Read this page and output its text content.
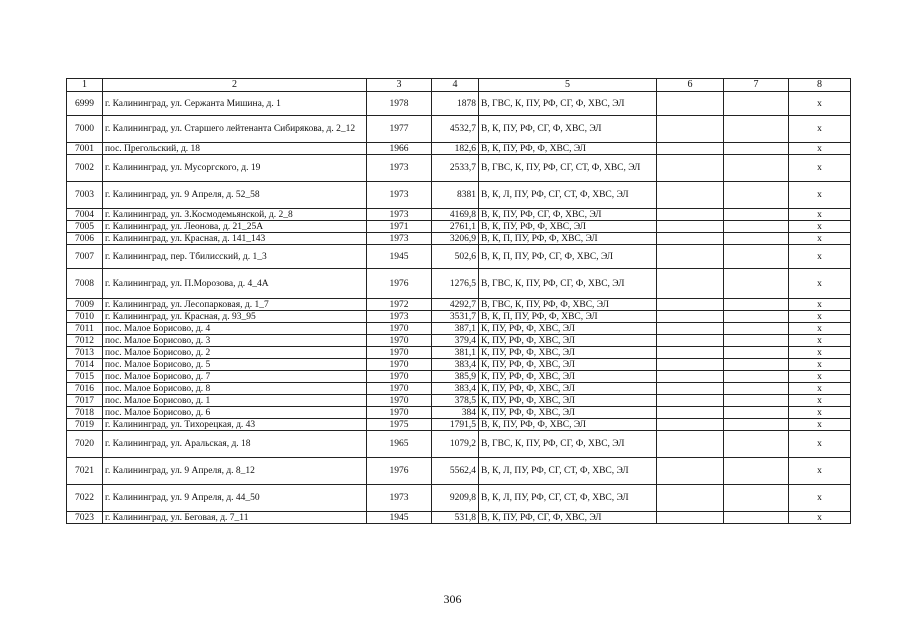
1	2	3	4	5	6	7	8
6999	г. Калининград, ул. Сержанта Мишина, д. 1	1978	1878	В, ГВС, К, ПУ, РФ, СГ, Ф, ХВС, ЭЛ			х
7000	г. Калининград, ул. Старшего лейтенанта Сибирякова, д. 2_12	1977	4532,7	В, К, ПУ, РФ, СГ, Ф, ХВС, ЭЛ			х
7001	пос. Прегольский, д. 18	1966	182,6	В, К, ПУ, РФ, Ф, ХВС, ЭЛ			х
7002	г. Калининград, ул. Мусоргского, д. 19	1973	2533,7	В, ГВС, К, ПУ, РФ, СГ, СТ, Ф, ХВС, ЭЛ			х
7003	г. Калининград, ул. 9 Апреля, д. 52_58	1973	8381	В, К, Л, ПУ, РФ, СГ, СТ, Ф, ХВС, ЭЛ			х
7004	г. Калининград, ул. З.Космодемьянской, д. 2_8	1973	4169,8	В, К, ПУ, РФ, СГ, Ф, ХВС, ЭЛ			х
7005	г. Калининград, ул. Леонова, д. 21_25А	1971	2761,1	В, К, ПУ, РФ, Ф, ХВС, ЭЛ			х
7006	г. Калининград, ул. Красная, д. 141_143	1973	3206,9	В, К, П, ПУ, РФ, Ф, ХВС, ЭЛ			х
7007	г. Калининград, пер. Тбилисский, д. 1_3	1945	502,6	В, К, П, ПУ, РФ, СГ, Ф, ХВС, ЭЛ			х
7008	г. Калининград, ул. П.Морозова, д. 4_4А	1976	1276,5	В, ГВС, К, ПУ, РФ, СГ, Ф, ХВС, ЭЛ			х
7009	г. Калининград, ул. Лесопарковая, д. 1_7	1972	4292,7	В, ГВС, К, ПУ, РФ, Ф, ХВС, ЭЛ			х
7010	г. Калининград, ул. Красная, д. 93_95	1973	3531,7	В, К, П, ПУ, РФ, Ф, ХВС, ЭЛ			х
7011	пос. Малое Борисово, д. 4	1970	387,1	К, ПУ, РФ, Ф, ХВС, ЭЛ			х
7012	пос. Малое Борисово, д. 3	1970	379,4	К, ПУ, РФ, Ф, ХВС, ЭЛ			х
7013	пос. Малое Борисово, д. 2	1970	381,1	К, ПУ, РФ, Ф, ХВС, ЭЛ			х
7014	пос. Малое Борисово, д. 5	1970	383,4	К, ПУ, РФ, Ф, ХВС, ЭЛ			х
7015	пос. Малое Борисово, д. 7	1970	385,9	К, ПУ, РФ, Ф, ХВС, ЭЛ			х
7016	пос. Малое Борисово, д. 8	1970	383,4	К, ПУ, РФ, Ф, ХВС, ЭЛ			х
7017	пос. Малое Борисово, д. 1	1970	378,5	К, ПУ, РФ, Ф, ХВС, ЭЛ			х
7018	пос. Малое Борисово, д. 6	1970	384	К, ПУ, РФ, Ф, ХВС, ЭЛ			х
7019	г. Калининград, ул. Тихорецкая, д. 43	1975	1791,5	В, К, ПУ, РФ, Ф, ХВС, ЭЛ			х
7020	г. Калининград, ул. Аральская, д. 18	1965	1079,2	В, ГВС, К, ПУ, РФ, СГ, Ф, ХВС, ЭЛ			х
7021	г. Калининград, ул. 9 Апреля, д. 8_12	1976	5562,4	В, К, Л, ПУ, РФ, СГ, СТ, Ф, ХВС, ЭЛ			х
7022	г. Калининград, ул. 9 Апреля, д. 44_50	1973	9209,8	В, К, Л, ПУ, РФ, СГ, СТ, Ф, ХВС, ЭЛ			х
7023	г. Калининград, ул. Беговая, д. 7_11	1945	531,8	В, К, ПУ, РФ, СГ, Ф, ХВС, ЭЛ			х
306
